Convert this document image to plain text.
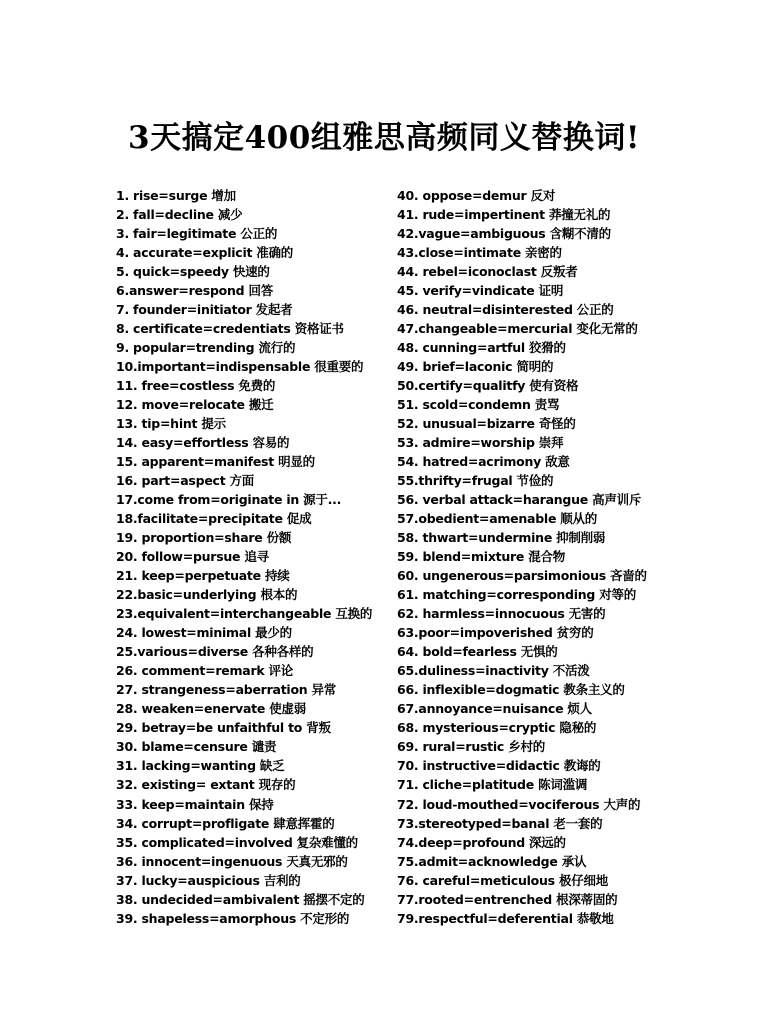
3天搞定400组雅思高频同义替换词!
1. rise=surge 增加
2. fall=decline 减少
3. fair=legitimate 公正的
4. accurate=explicit 准确的
5. quick=speedy 快速的
6.answer=respond 回答
7. founder=initiator 发起者
8. certificate=credentiats 资格证书
9. popular=trending 流行的
10.important=indispensable 很重要的
11. free=costless 免费的
12. move=relocate 搬迁
13. tip=hint 提示
14. easy=effortless 容易的
15. apparent=manifest 明显的
16. part=aspect 方面
17.come from=originate in 源于...
18.facilitate=precipitate 促成
19. proportion=share 份额
20. follow=pursue 追寻
21. keep=perpetuate 持续
22.basic=underlying 根本的
23.equivalent=interchangeable 互换的
24. lowest=minimal 最少的
25.various=diverse 各种各样的
26. comment=remark 评论
27. strangeness=aberration 异常
28. weaken=enervate 使虚弱
29. betray=be unfaithful to 背叛
30. blame=censure 谴责
31. lacking=wanting 缺乏
32. existing= extant 现存的
33. keep=maintain 保持
34. corrupt=profligate 肆意挥霍的
35. complicated=involved 复杂难懂的
36. innocent=ingenuous 天真无邪的
37. lucky=auspicious 吉利的
38. undecided=ambivalent 摇摆不定的
39. shapeless=amorphous 不定形的
40. oppose=demur 反对
41. rude=impertinent 莽撞无礼的
42.vague=ambiguous 含糊不清的
43.close=intimate 亲密的
44. rebel=iconoclast 反叛者
45. verify=vindicate 证明
46. neutral=disinterested 公正的
47.changeable=mercurial 变化无常的
48. cunning=artful 狡猾的
49. brief=laconic 简明的
50.certify=qualitfy 使有资格
51. scold=condemn 责骂
52. unusual=bizarre 奇怪的
53. admire=worship 崇拜
54. hatred=acrimony 敌意
55.thrifty=frugal 节俭的
56. verbal attack=harangue 高声训斥
57.obedient=amenable 顺从的
58. thwart=undermine 抑制削弱
59. blend=mixture 混合物
60. ungenerous=parsimonious 吝啬的
61. matching=corresponding 对等的
62. harmless=innocuous 无害的
63.poor=impoverished 贫穷的
64. bold=fearless 无惧的
65.duliness=inactivity 不活泼
66. inflexible=dogmatic 教条主义的
67.annoyance=nuisance 烦人
68. mysterious=cryptic 隐秘的
69. rural=rustic 乡村的
70. instructive=didactic 教诲的
71. cliche=platitude 陈词滥调
72. loud-mouthed=vociferous 大声的
73.stereotyped=banal 老一套的
74.deep=profound 深远的
75.admit=acknowledge 承认
76. careful=meticulous 极仔细地
77.rooted=entrenched 根深蒂固的
79.respectful=deferential 恭敬地
